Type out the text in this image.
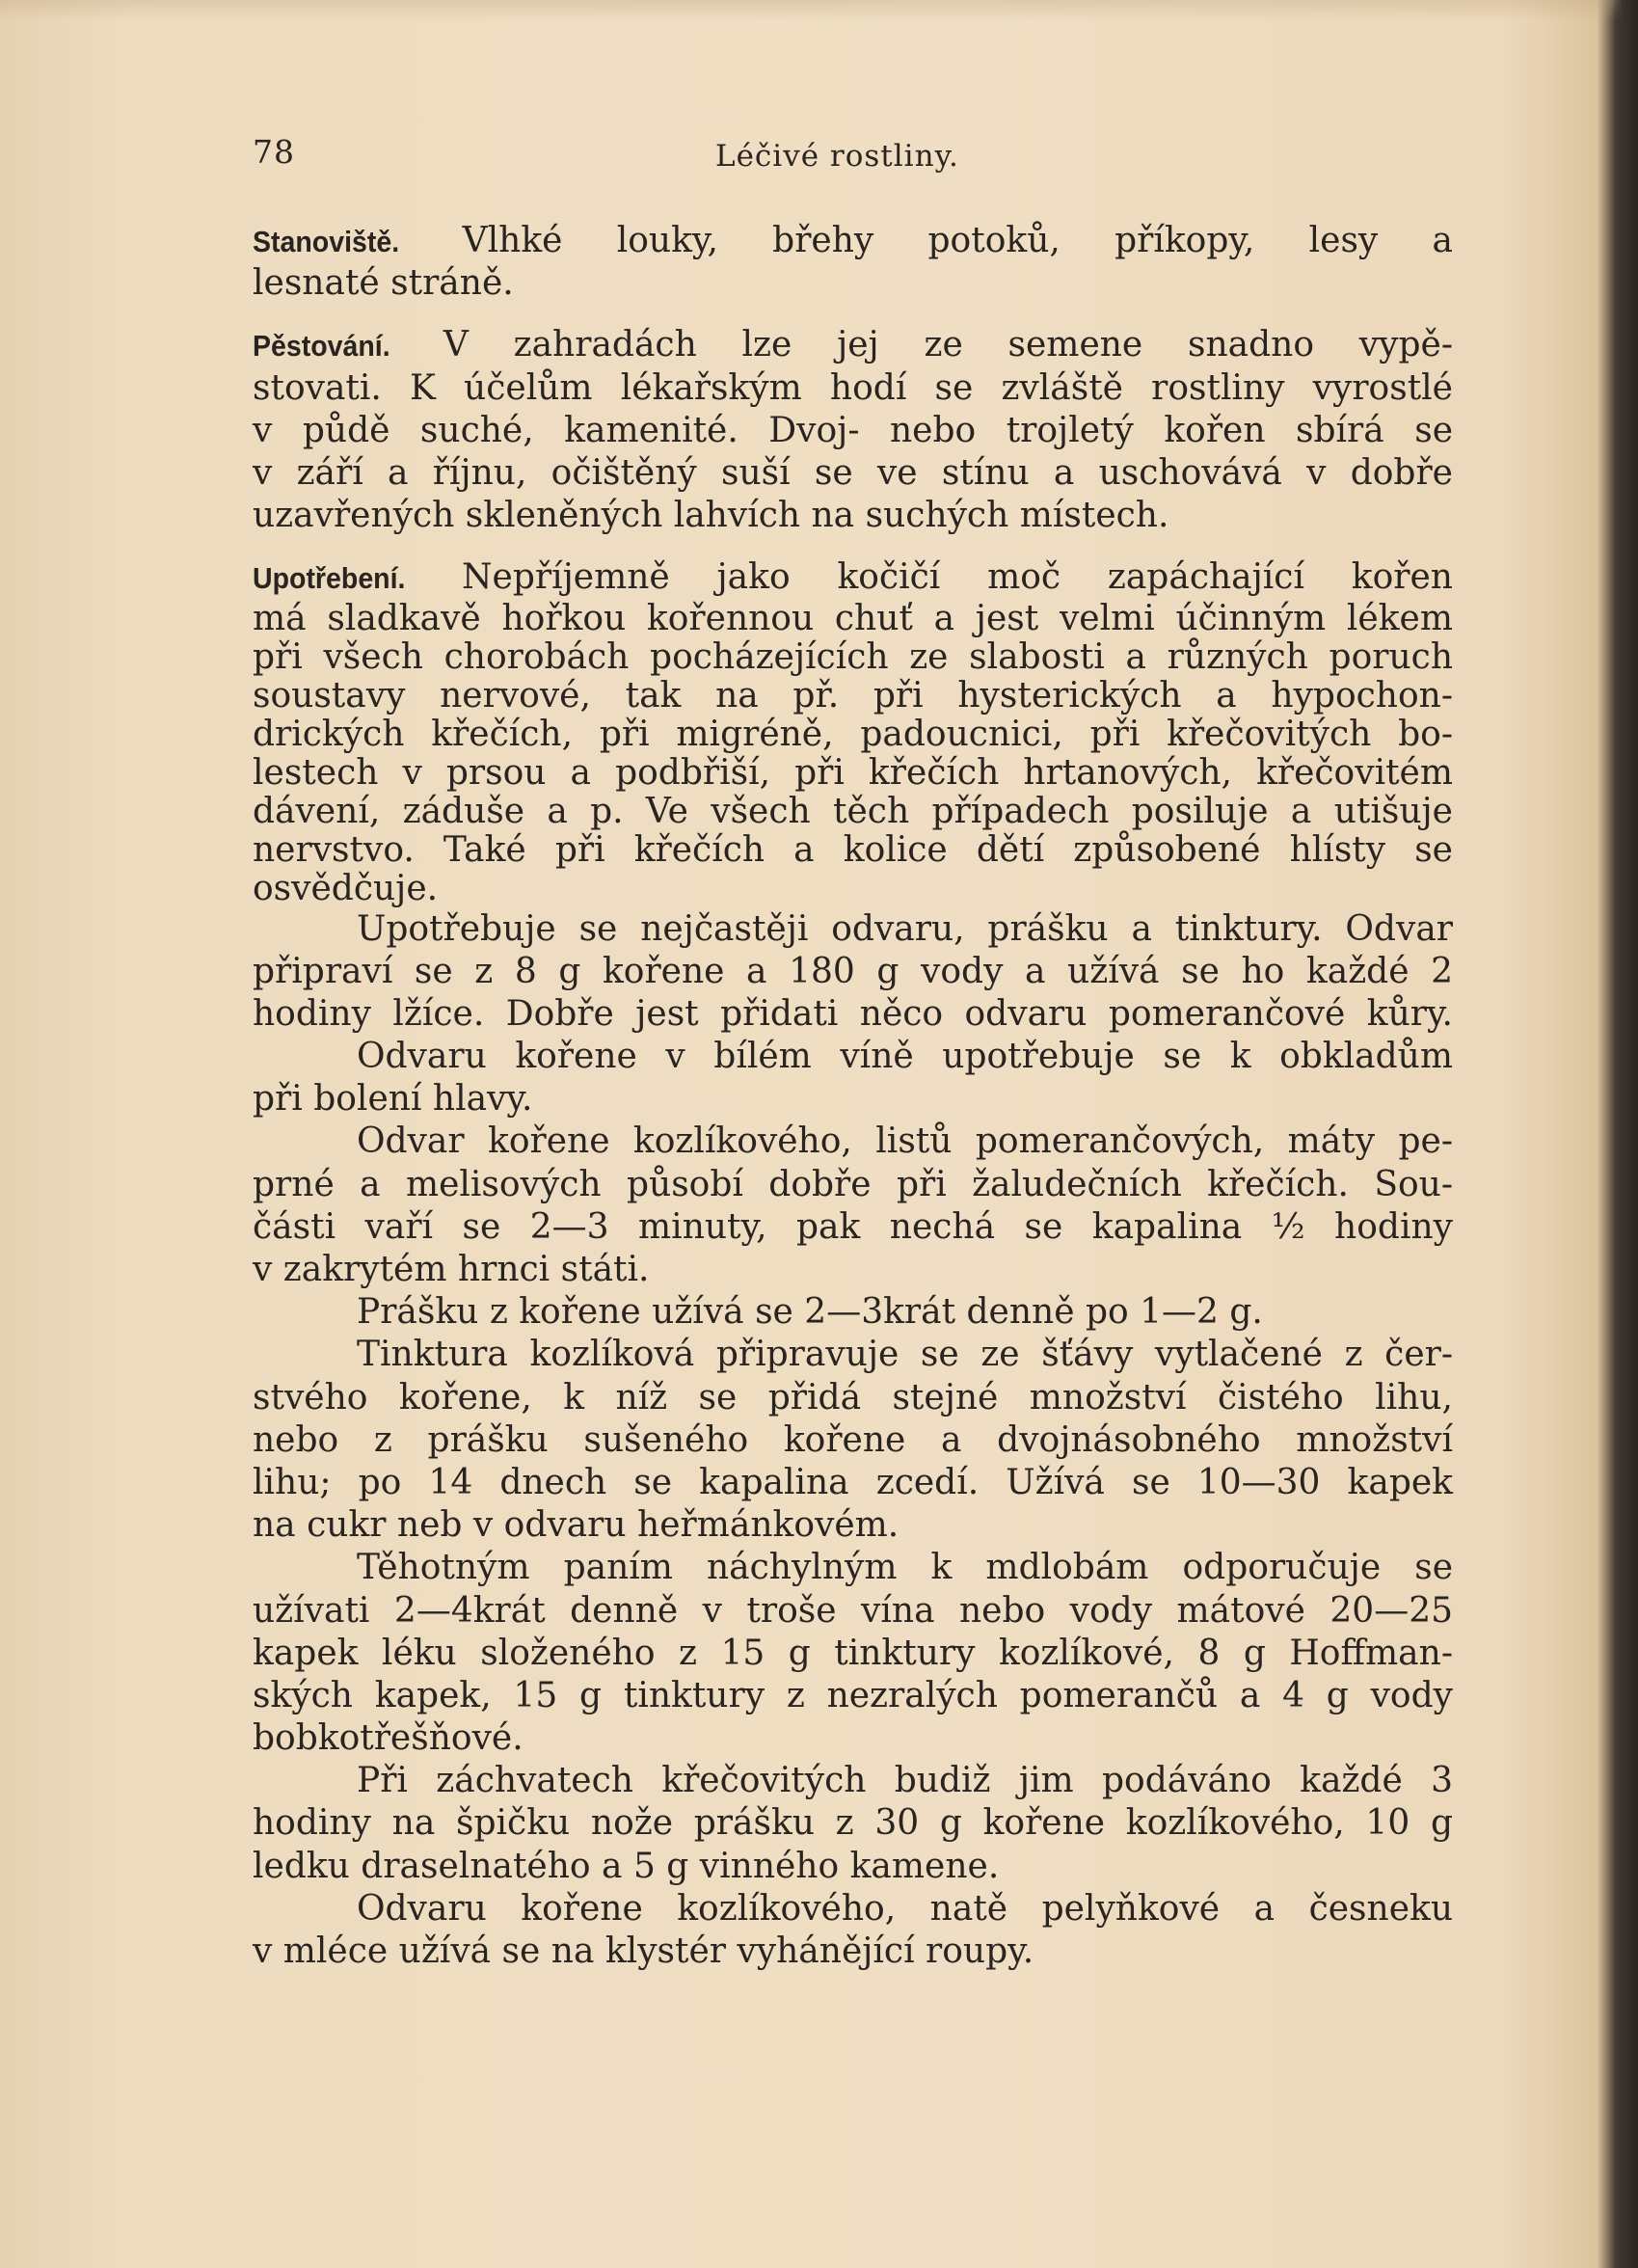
78	Léčivé rostliny.
Stanoviště. Vlhké louky, břehy potoků, příkopy, lesy a
lesnaté stráně.
Pěstování. V zahradách lze jej ze semene snadno vypě-
stovati. K účelům lékařským hodí se zvláště rostliny vyrostlé
v půdě suché, kamenité. Dvoj- nebo trojletý kořen sbírá se
v září a říjnu, očištěný suší se ve stínu a uschovává v dobře
uzavřených skleněných lahvích na suchých místech.
Upotřebení. Nepříjemně jako kočičí moč zapáchající kořen
má sladkavě hořkou kořennou chuť a jest velmi účinným lékem
při všech chorobách pocházejících ze slabosti a různých poruch
soustavy nervové, tak na př. při hysterických a hypochon-
drických křečích, při migréně, padoucnici, při křečovitých bo-
lestech v prsou a podbřiší, při křečích hrtanových, křečovitém
dávení, záduše a p. Ve všech těch případech posiluje a utišuje
nervstvo. Také při křečích a kolice dětí způsobené hlísty se
osvědčuje.
Upotřebuje se nejčastěji odvaru, prášku a tinktury. Odvar
připraví se z 8 g kořene a 180 g vody a užívá se ho každé 2
hodiny lžíce. Dobře jest přidati něco odvaru pomerančové kůry.
Odvaru kořene v bílém víně upotřebuje se k obkladům
při bolení hlavy.
Odvar kořene kozlíkového, listů pomerančových, máty pe-
prné a melisových působí dobře při žaludečních křečích. Sou-
části vaří se 2—3 minuty, pak nechá se kapalina ½ hodiny
v zakrytém hrnci státi.
Prášku z kořene užívá se 2—3krát denně po 1—2 g.
Tinktura kozlíková připravuje se ze šťávy vytlačené z čer-
stvého kořene, k níž se přidá stejné množství čistého lihu,
nebo z prášku sušeného kořene a dvojnásobného množství
lihu; po 14 dnech se kapalina zcedí. Užívá se 10—30 kapek
na cukr neb v odvaru heřmánkovém.
Těhotným paním náchylným k mdlobám odporučuje se
užívati 2—4krát denně v troše vína nebo vody mátové 20—25
kapek léku složeného z 15 g tinktury kozlíkové, 8 g Hoffman-
ských kapek, 15 g tinktury z nezralých pomerančů a 4 g vody
bobkotřešňové.
Při záchvatech křečovitých budiž jim podáváno každé 3
hodiny na špičku nože prášku z 30 g kořene kozlíkového, 10 g
ledku draselnatého a 5 g vinného kamene.
Odvaru kořene kozlíkového, natě pelyňkové a česneku
v mléce užívá se na klystér vyhánějící roupy.
